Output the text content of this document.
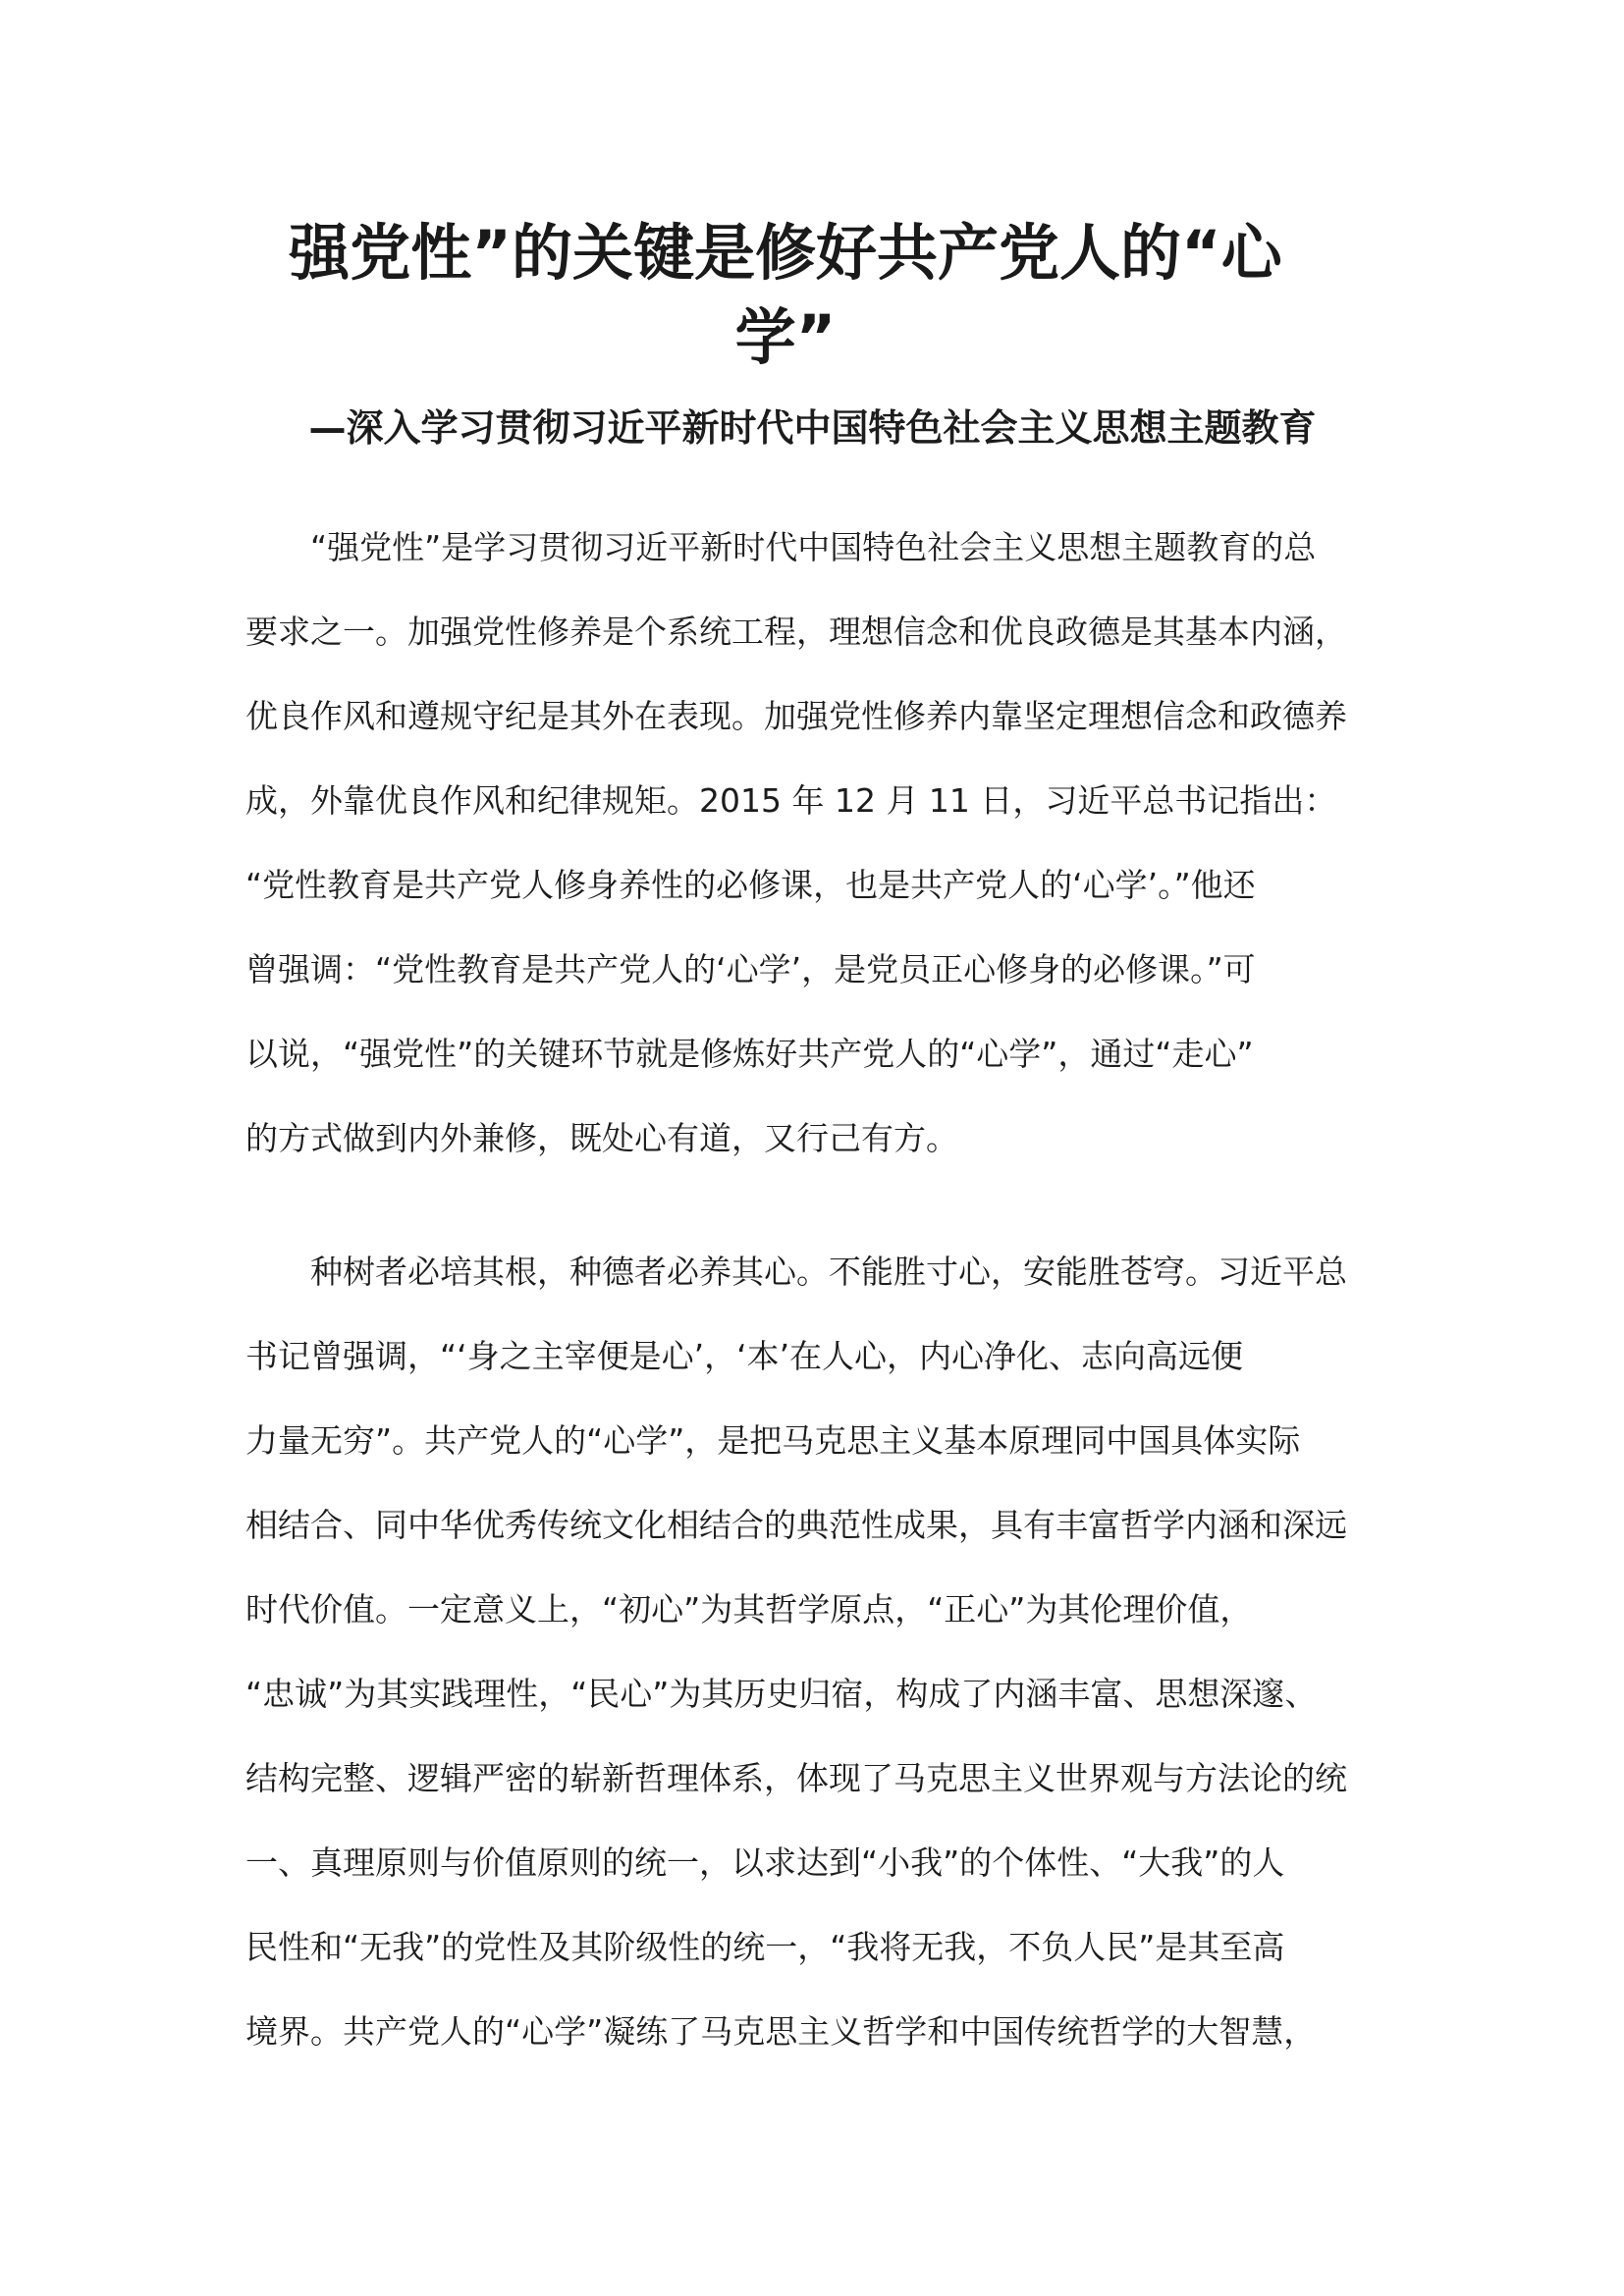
强党性”的关键是修好共产党人的“心
学”
—深入学习贯彻习近平新时代中国特色社会主义思想主题教育
“强党性”是学习贯彻习近平新时代中国特色社会主义思想主题教育的总
要求之一。加强党性修养是个系统工程，理想信念和优良政德是其基本内涵，
优良作风和遵规守纪是其外在表现。加强党性修养内靠坚定理想信念和政德养
成，外靠优良作风和纪律规矩。2015 年 12 月 11 日，习近平总书记指出：
“党性教育是共产党人修身养性的必修课，也是共产党人的‘心学’。”他还
曾强调：“党性教育是共产党人的‘心学’，是党员正心修身的必修课。”可
以说，“强党性”的关键环节就是修炼好共产党人的“心学”，通过“走心”
的方式做到内外兼修，既处心有道，又行己有方。
种树者必培其根，种德者必养其心。不能胜寸心，安能胜苍穹。习近平总
书记曾强调，“‘身之主宰便是心’，‘本’在人心，内心净化、志向高远便
力量无穷”。共产党人的“心学”，是把马克思主义基本原理同中国具体实际
相结合、同中华优秀传统文化相结合的典范性成果，具有丰富哲学内涵和深远
时代价值。一定意义上，“初心”为其哲学原点，“正心”为其伦理价值，
“忠诚”为其实践理性，“民心”为其历史归宿，构成了内涵丰富、思想深邃、
结构完整、逻辑严密的崭新哲理体系，体现了马克思主义世界观与方法论的统
一、真理原则与价值原则的统一，以求达到“小我”的个体性、“大我”的人
民性和“无我”的党性及其阶级性的统一，“我将无我，不负人民”是其至高
境界。共产党人的“心学”凝练了马克思主义哲学和中国传统哲学的大智慧，
